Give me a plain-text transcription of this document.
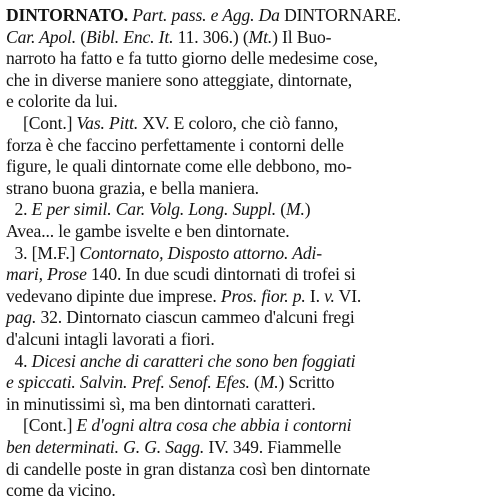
DINTORNATO. Part. pass. e Agg. Da DINTORNARE.
Car. Apol. (Bibl. Enc. It. 11. 306.) (Mt.) Il Buo-
narroto ha fatto e fa tutto giorno delle medesime cose,
che in diverse maniere sono atteggiate, dintornate,
e colorite da lui.
[Cont.] Vas. Pitt. XV. E coloro, che ciò fanno,
forza è che faccino perfettamente i contorni delle
figure, le quali dintornate come elle debbono, mo-
strano buona grazia, e bella maniera.
2. E per simil. Car. Volg. Long. Suppl. (M.)
Avea... le gambe isvelte e ben dintornate.
3. [M.F.] Contornato, Disposto attorno. Adi-
mari, Prose 140. In due scudi dintornati di trofei si
vedevano dipinte due imprese. Pros. fior. p. I. v. VI.
pag. 32. Dintornato ciascun cammeo d'alcuni fregi
d'alcuni intagli lavorati a fiori.
4. Dicesi anche di caratteri che sono ben foggiati
e spiccati. Salvin. Pref. Senof. Efes. (M.) Scritto
in minutissimi sì, ma ben dintornati caratteri.
[Cont.] E d'ogni altra cosa che abbia i contorni
ben determinati. G. G. Sagg. IV. 349. Fiammelle
di candelle poste in gran distanza così ben dintornate
come da vicino.
